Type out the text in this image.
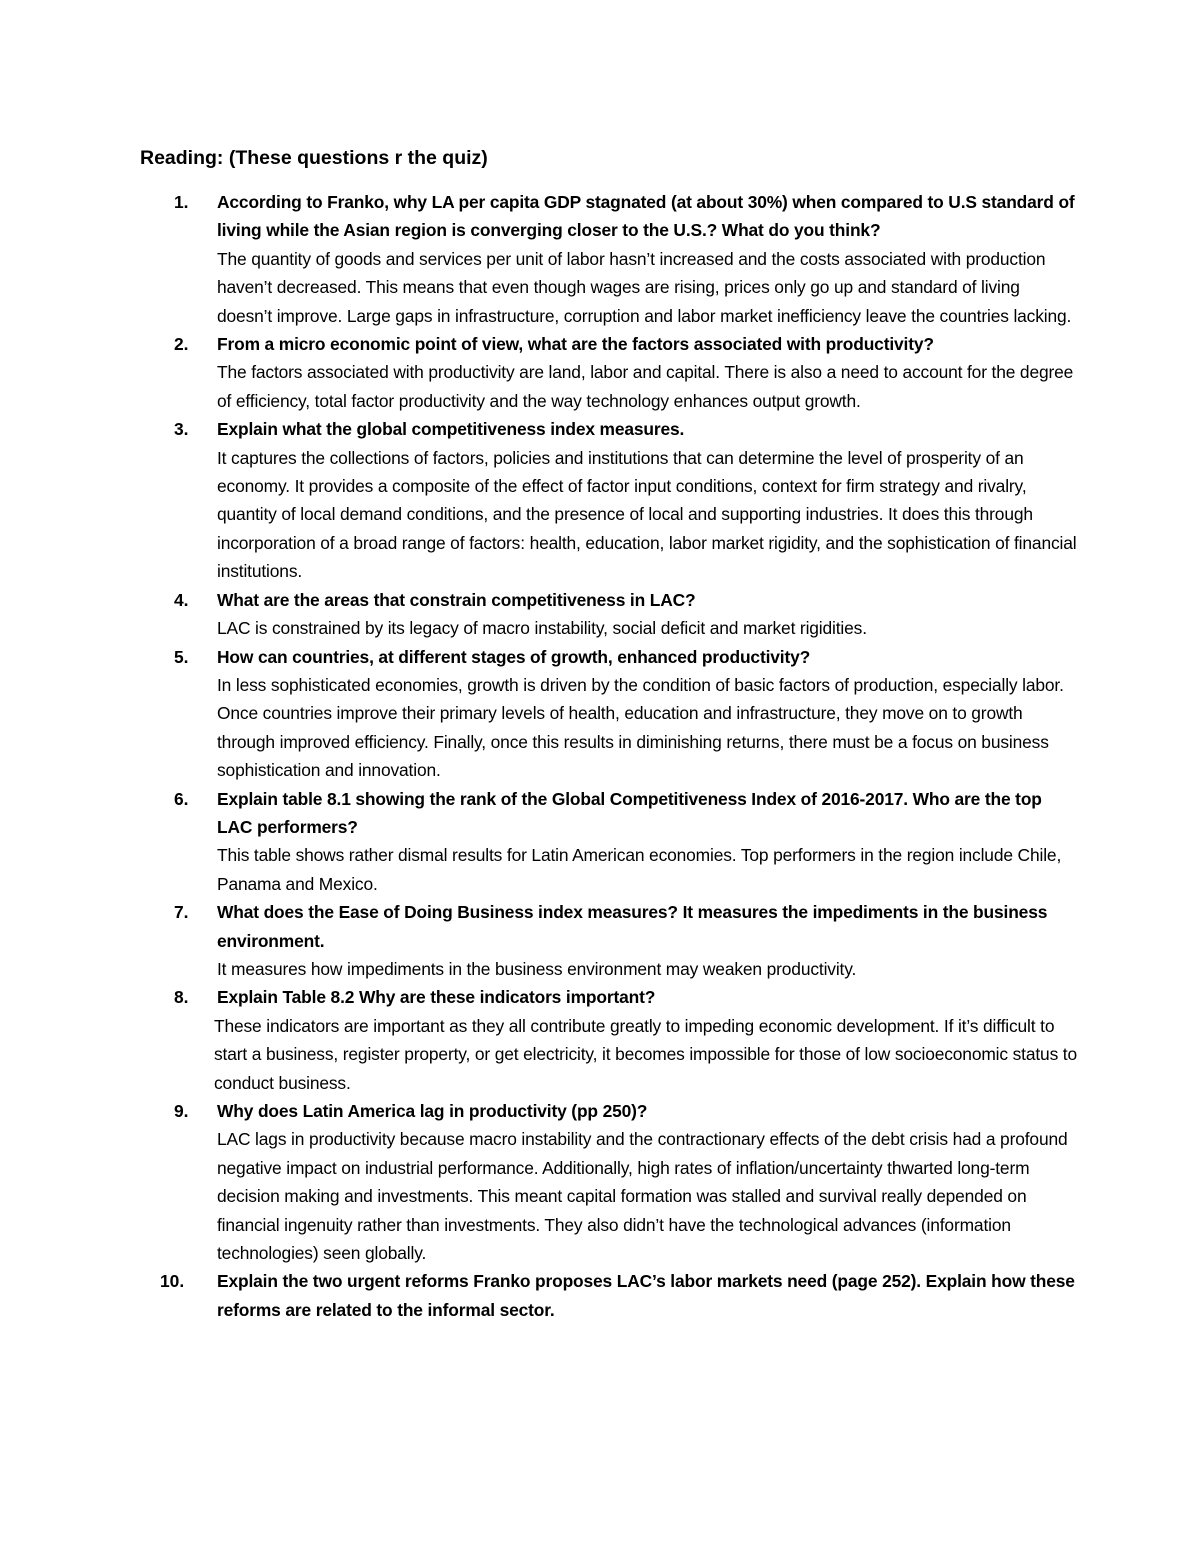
Reading: (These questions r the quiz)
1. According to Franko, why LA per capita GDP stagnated (at about 30%) when compared to U.S standard of living while the Asian region is converging closer to the U.S.? What do you think?
The quantity of goods and services per unit of labor hasn’t increased and the costs associated with production haven’t decreased. This means that even though wages are rising, prices only go up and standard of living doesn’t improve. Large gaps in infrastructure, corruption and labor market inefficiency leave the countries lacking.
2. From a micro economic point of view, what are the factors associated with productivity?
The factors associated with productivity are land, labor and capital. There is also a need to account for the degree of efficiency, total factor productivity and the way technology enhances output growth.
3. Explain what the global competitiveness index measures.
It captures the collections of factors, policies and institutions that can determine the level of prosperity of an economy. It provides a composite of the effect of factor input conditions, context for firm strategy and rivalry, quantity of local demand conditions, and the presence of local and supporting industries. It does this through incorporation of a broad range of factors: health, education, labor market rigidity, and the sophistication of financial institutions.
4. What are the areas that constrain competitiveness in LAC?
LAC is constrained by its legacy of macro instability, social deficit and market rigidities.
5. How can countries, at different stages of growth, enhanced productivity?
In less sophisticated economies, growth is driven by the condition of basic factors of production, especially labor. Once countries improve their primary levels of health, education and infrastructure, they move on to growth through improved efficiency. Finally, once this results in diminishing returns, there must be a focus on business sophistication and innovation.
6. Explain table 8.1 showing the rank of the Global Competitiveness Index of 2016-2017. Who are the top LAC performers?
This table shows rather dismal results for Latin American economies. Top performers in the region include Chile, Panama and Mexico.
7. What does the Ease of Doing Business index measures? It measures the impediments in the business environment.
It measures how impediments in the business environment may weaken productivity.
8. Explain Table 8.2 Why are these indicators important?
These indicators are important as they all contribute greatly to impeding economic development. If it’s difficult to start a business, register property, or get electricity, it becomes impossible for those of low socioeconomic status to conduct business.
9. Why does Latin America lag in productivity (pp 250)?
LAC lags in productivity because macro instability and the contractionary effects of the debt crisis had a profound negative impact on industrial performance. Additionally, high rates of inflation/uncertainty thwarted long-term decision making and investments. This meant capital formation was stalled and survival really depended on financial ingenuity rather than investments. They also didn’t have the technological advances (information technologies) seen globally.
10. Explain the two urgent reforms Franko proposes LAC’s labor markets need (page 252). Explain how these reforms are related to the informal sector.
